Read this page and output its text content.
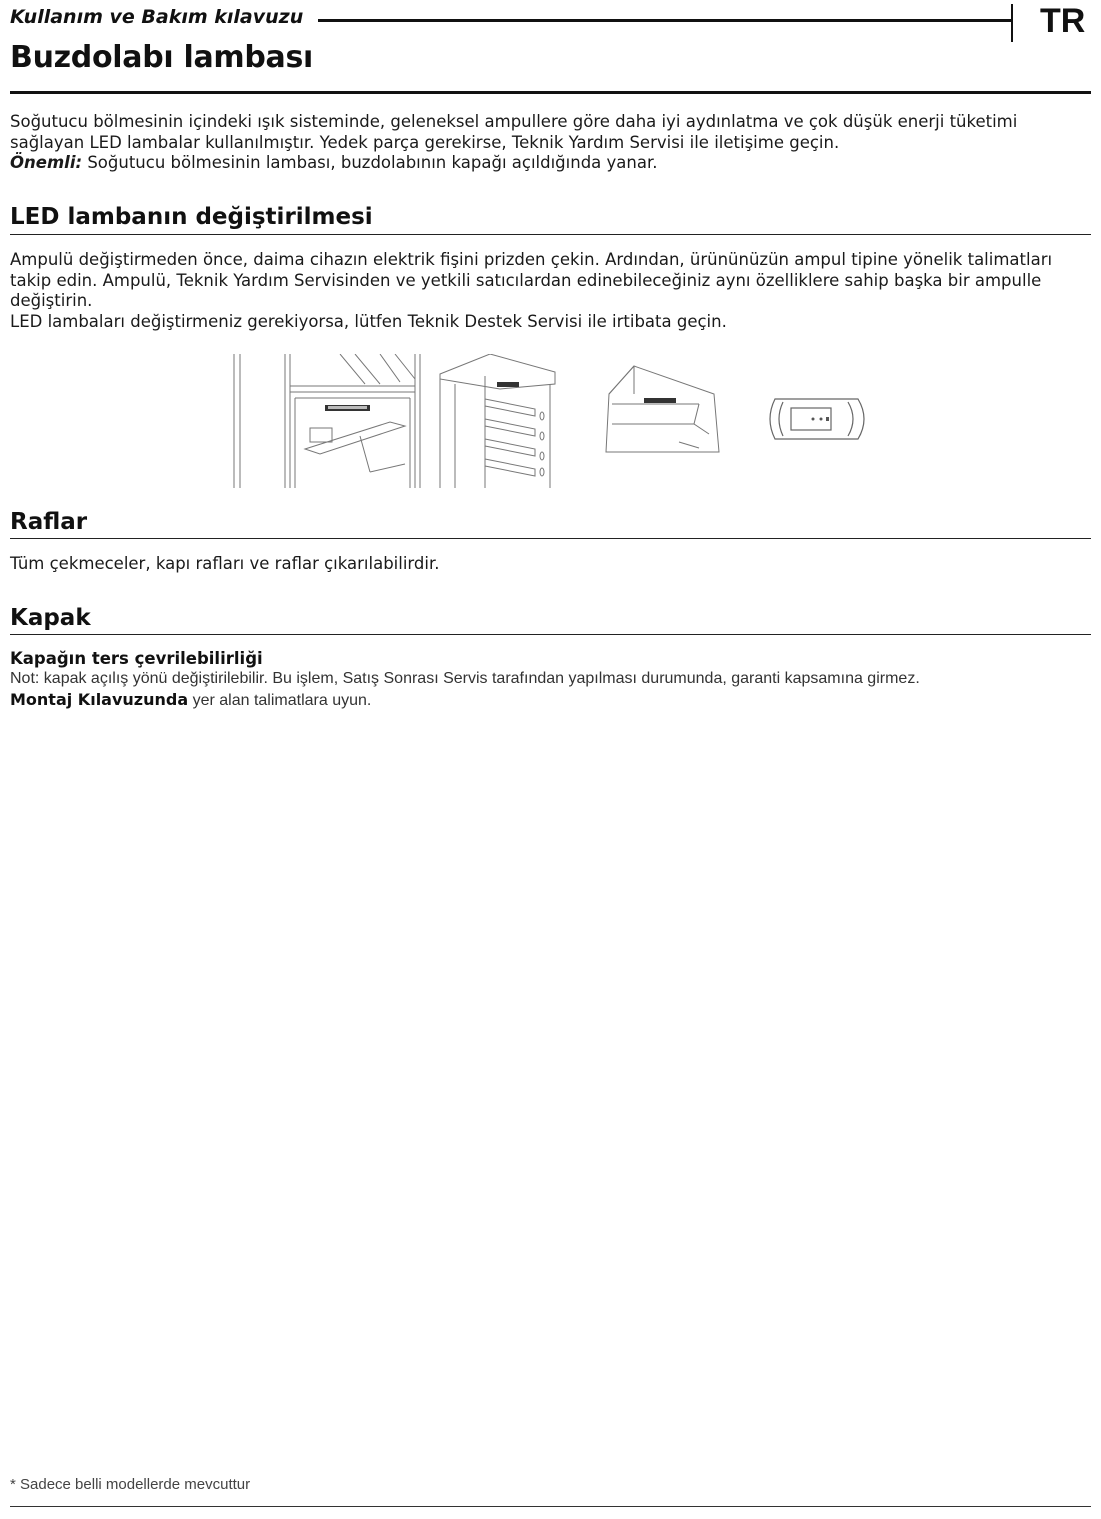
Kullanım ve Bakım kılavuzu	TR
Buzdolabı lambası

Soğutucu bölmesinin içindeki ışık sisteminde, geleneksel ampullere göre daha iyi aydınlatma ve çok düşük enerji tüketimi sağlayan LED lambalar kullanılmıştır. Yedek parça gerekirse, Teknik Yardım Servisi ile iletişime geçin.

Önemli: Soğutucu bölmesinin lambası, buzdolabının kapağı açıldığında yanar.

LED lambanın değiştirilmesi

Ampulü değiştirmeden önce, daima cihazın elektrik fişini prizden çekin. Ardından, ürününüzün ampul tipine yönelik talimatları takip edin. Ampulü, Teknik Yardım Servisinden ve yetkili satıcılardan edinebileceğiniz aynı özelliklere sahip başka bir ampulle değiştirin.

LED lambaları değiştirmeniz gerekiyorsa, lütfen Teknik Destek Servisi ile irtibata geçin.

Raflar

Tüm çekmeceler, kapı rafları ve raflar çıkarılabilirdir.

Kapak
Kapağın ters çevrilebilirliği

Not: kapak açılış yönü değiştirilebilir. Bu işlem, Satış Sonrası Servis tarafından yapılması durumunda, garanti kapsamına girmez.

Montaj Kılavuzunda yer alan talimatlara uyun.

* Sadece belli modellerde mevcuttur
